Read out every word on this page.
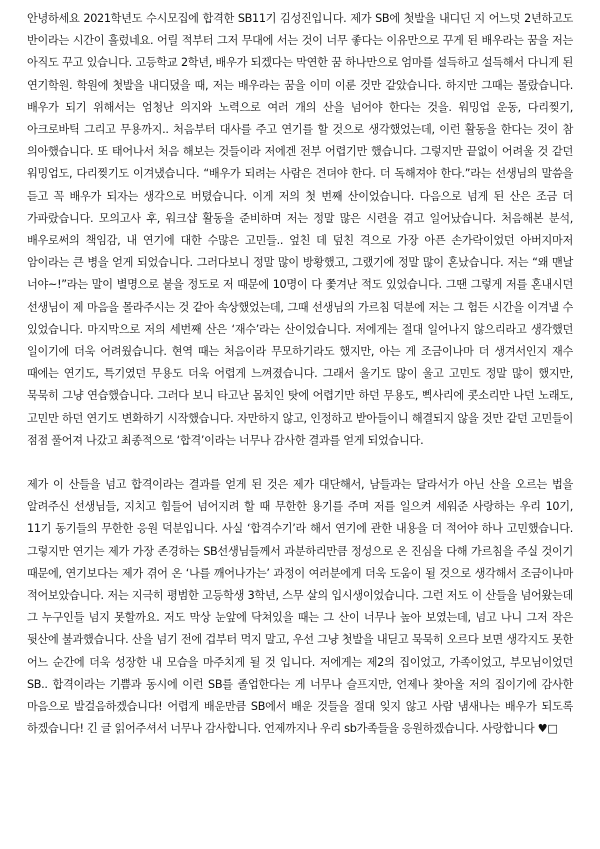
안녕하세요 2021학년도 수시모집에 합격한 SB11기 김성진입니다. 제가 SB에 첫발을 내디딘 지 어느덧 2년하고도 반이라는 시간이 흘렀네요. 어릴 적부터 그저 무대에 서는 것이 너무 좋다는 이유만으로 꾸게 된 배우라는 꿈을 저는 아직도 꾸고 있습니다. 고등학교 2학년, 배우가 되겠다는 막연한 꿈 하나만으로 엄마를 설득하고 설득해서 다니게 된 연기학원. 학원에 첫발을 내디뎠을 때, 저는 배우라는 꿈을 이미 이룬 것만 같았습니다. 하지만 그때는 몰랐습니다. 배우가 되기 위해서는 엄청난 의지와 노력으로 여러 개의 산을 넘어야 한다는 것을. 워밍업 운동, 다리찢기, 아크로바틱 그리고 무용까지.. 처음부터 대사를 주고 연기를 할 것으로 생각했었는데, 이런 활동을 한다는 것이 참 의아했습니다. 또 태어나서 처음 해보는 것들이라 저에겐 전부 어렵기만 했습니다. 그렇지만 끝없이 어려울 것 같던 워밍업도, 다리찢기도 이겨냈습니다. “배우가 되려는 사람은 견뎌야 한다. 더 독해져야 한다.”라는 선생님의 말씀을 듣고 꼭 배우가 되자는 생각으로 버텼습니다. 이게 저의 첫 번째 산이었습니다. 다음으로 넘게 된 산은 조금 더 가파랐습니다. 모의고사 후, 워크샵 활동을 준비하며 저는 정말 많은 시련을 겪고 일어났습니다. 처음해본 분석, 배우로써의 책임감, 내 연기에 대한 수많은 고민들.. 엎친 데 덮친 격으로 가장 아픈 손가락이었던 아버지마저 암이라는 큰 병을 얻게 되었습니다. 그러다보니 정말 많이 방황했고, 그랬기에 정말 많이 혼났습니다. 저는 “왜 맨날 너야~!”라는 말이 별명으로 붙을 정도로 저 때문에 10명이 다 쫓겨난 적도 있었습니다. 그땐 그렇게 저를 혼내시던 선생님이 제 마음을 몰라주시는 것 같아 속상했었는데, 그때 선생님의 가르침 덕분에 저는 그 험든 시간을 이겨낼 수 있었습니다. 마지막으로 저의 세번째 산은 ‘재수’라는 산이었습니다. 저에게는 절대 일어나지 않으리라고 생각했던 일이기에 더욱 어려웠습니다. 현역 때는 처음이라 무모하기라도 했지만, 아는 게 조금이나마 더 생겨서인지 재수 때에는 연기도, 특기였던 무용도 더욱 어렵게 느껴졌습니다. 그래서 울기도 많이 울고 고민도 정말 많이 했지만, 묵묵히 그냥 연습했습니다. 그러다 보니 타고난 몸치인 탓에 어렵기만 하던 무용도, 삑사리에 콧소리만 나던 노래도, 고민만 하던 연기도 변화하기 시작했습니다. 자만하지 않고, 인정하고 받아들이니 해결되지 않을 것만 같던 고민들이 점점 풀어져 나갔고 최종적으로 ‘합격’이라는 너무나 감사한 결과를 얻게 되었습니다.

제가 이 산들을 넘고 합격이라는 결과를 얻게 된 것은 제가 대단해서, 남들과는 달라서가 아닌 산을 오르는 법을 알려주신 선생님들, 지치고 힘들어 넘어지려 할 때 무한한 용기를 주며 저를 일으켜 세워준 사랑하는 우리 10기, 11기 동기들의 무한한 응원 덕분입니다. 사실 ‘합격수기’라 해서 연기에 관한 내용을 더 적어야 하나 고민했습니다. 그렇지만 연기는 제가 가장 존경하는 SB선생님들께서 과분하리만큼 정성으로 온 진심을 다해 가르침을 주실 것이기 때문에, 연기보다는 제가 겪어 온 ‘나를 깨어나가는’ 과정이 여러분에게 더욱 도움이 될 것으로 생각해서 조금이나마 적어보았습니다. 저는 지극히 평범한 고등학생 3학년, 스무 살의 입시생이었습니다. 그런 저도 이 산들을 넘어왔는데 그 누구인들 넘지 못할까요. 저도 막상 눈앞에 닥쳐있을 때는 그 산이 너무나 높아 보였는데, 넘고 나니 그저 작은 뒷산에 불과했습니다. 산을 넘기 전에 겁부터 먹지 말고, 우선 그냥 첫발을 내딛고 묵묵히 오르다 보면 생각지도 못한 어느 순간에 더욱 성장한 내 모습을 마주치게 될 것 입니다. 저에게는 제2의 집이었고, 가족이었고, 부모님이었던 SB.. 합격이라는 기쁨과 동시에 이런 SB를 졸업한다는 게 너무나 슬프지만, 언제나 찾아올 저의 집이기에 감사한 마음으로 발걸음하겠습니다! 어렵게 배운만큼 SB에서 배운 것들을 절대 잊지 않고 사람 냄새나는 배우가 되도록 하겠습니다! 긴 글 읽어주셔서 너무나 감사합니다. 언제까지나 우리 sb가족들을 응원하겠습니다. 사랑합니다 ♥□
